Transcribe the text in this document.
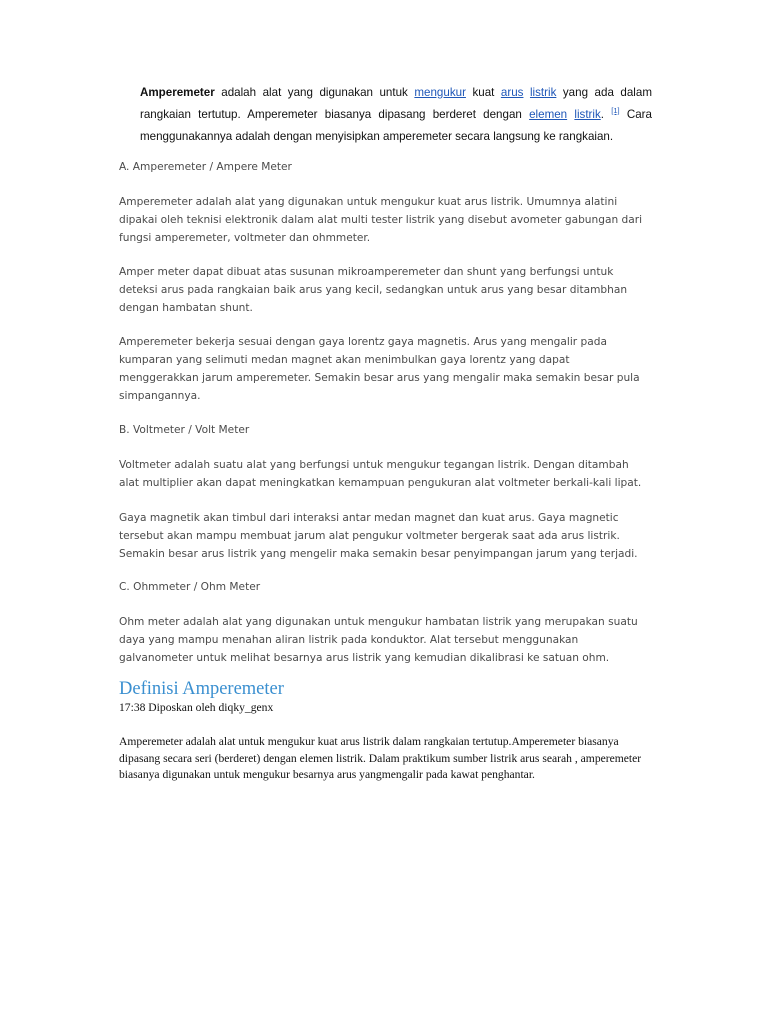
Amperemeter adalah alat yang digunakan untuk mengukur kuat arus listrik yang ada dalam rangkaian tertutup. Amperemeter biasanya dipasang berderet dengan elemen listrik. [1] Cara menggunakannya adalah dengan menyisipkan amperemeter secara langsung ke rangkaian.
A. Amperemeter / Ampere Meter
Amperemeter adalah alat yang digunakan untuk mengukur kuat arus listrik. Umumnya alatini dipakai oleh teknisi elektronik dalam alat multi tester listrik yang disebut avometer gabungan dari fungsi amperemeter, voltmeter dan ohmmeter.
Amper meter dapat dibuat atas susunan mikroamperemeter dan shunt yang berfungsi untuk deteksi arus pada rangkaian baik arus yang kecil, sedangkan untuk arus yang besar ditambhan dengan hambatan shunt.
Amperemeter bekerja sesuai dengan gaya lorentz gaya magnetis. Arus yang mengalir pada kumparan yang selimuti medan magnet akan menimbulkan gaya lorentz yang dapat menggerakkan jarum amperemeter. Semakin besar arus yang mengalir maka semakin besar pula simpangannya.
B. Voltmeter / Volt Meter
Voltmeter adalah suatu alat yang berfungsi untuk mengukur tegangan listrik. Dengan ditambah alat multiplier akan dapat meningkatkan kemampuan pengukuran alat voltmeter berkali-kali lipat.
Gaya magnetik akan timbul dari interaksi antar medan magnet dan kuat arus. Gaya magnetic tersebut akan mampu membuat jarum alat pengukur voltmeter bergerak saat ada arus listrik. Semakin besar arus listrik yang mengelir maka semakin besar penyimpangan jarum yang terjadi.
C. Ohmmeter / Ohm Meter
Ohm meter adalah alat yang digunakan untuk mengukur hambatan listrik yang merupakan suatu daya yang mampu menahan aliran listrik pada konduktor. Alat tersebut menggunakan galvanometer untuk melihat besarnya arus listrik yang kemudian dikalibrasi ke satuan ohm.
Definisi Amperemeter
17:38 Diposkan oleh diqky_genx
Amperemeter adalah alat untuk mengukur kuat arus listrik dalam rangkaian tertutup.Amperemeter biasanya dipasang secara seri (berderet) dengan elemen listrik. Dalam praktikum sumber listrik arus searah , amperemeter biasanya digunakan untuk mengukur besarnya arus yangmengalir pada kawat penghantar.
